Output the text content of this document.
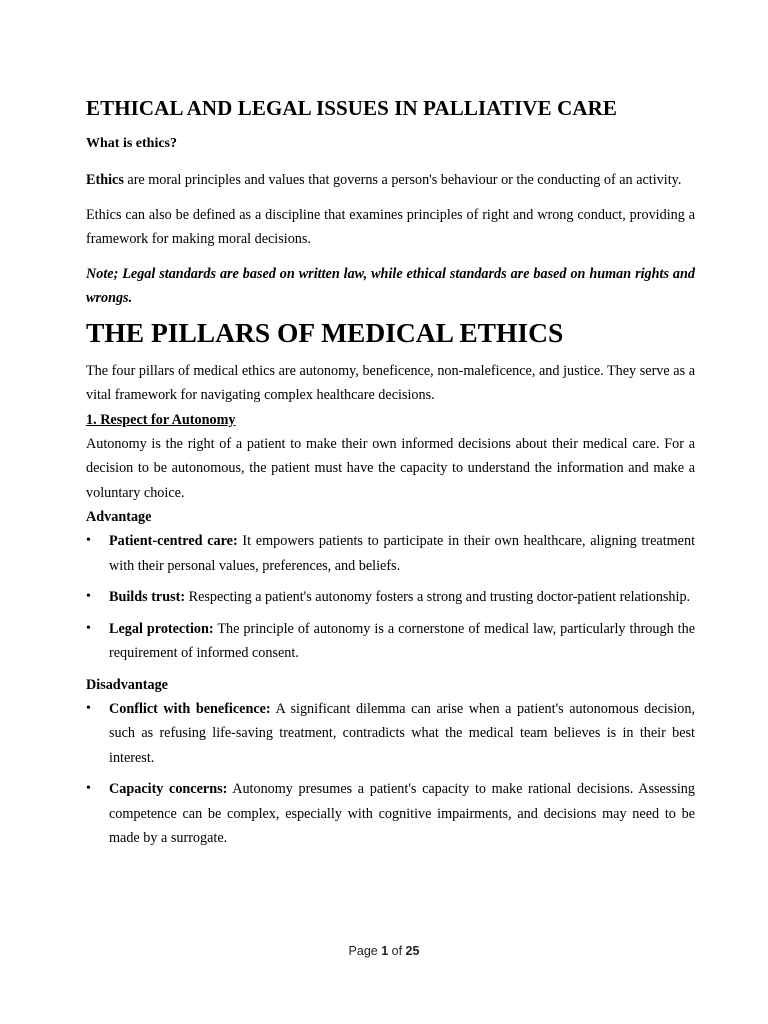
ETHICAL AND LEGAL ISSUES IN PALLIATIVE CARE
What is ethics?

Ethics are moral principles and values that governs a person's behaviour or the conducting of an activity.

Ethics can also be defined as a discipline that examines principles of right and wrong conduct, providing a framework for making moral decisions.

Note; Legal standards are based on written law, while ethical standards are based on human rights and wrongs.

THE PILLARS OF MEDICAL ETHICS

The four pillars of medical ethics are autonomy, beneficence, non-maleficence, and justice. They serve as a vital framework for navigating complex healthcare decisions.

1. Respect for Autonomy

Autonomy is the right of a patient to make their own informed decisions about their medical care. For a decision to be autonomous, the patient must have the capacity to understand the information and make a voluntary choice.

Advantage
• Patient-centred care: It empowers patients to participate in their own healthcare, aligning treatment with their personal values, preferences, and beliefs.
• Builds trust: Respecting a patient's autonomy fosters a strong and trusting doctor-patient relationship.
• Legal protection: The principle of autonomy is a cornerstone of medical law, particularly through the requirement of informed consent.
Disadvantage
• Conflict with beneficence: A significant dilemma can arise when a patient's autonomous decision, such as refusing life-saving treatment, contradicts what the medical team believes is in their best interest.
• Capacity concerns: Autonomy presumes a patient's capacity to make rational decisions. Assessing competence can be complex, especially with cognitive impairments, and decisions may need to be made by a surrogate.
Page 1 of 25
